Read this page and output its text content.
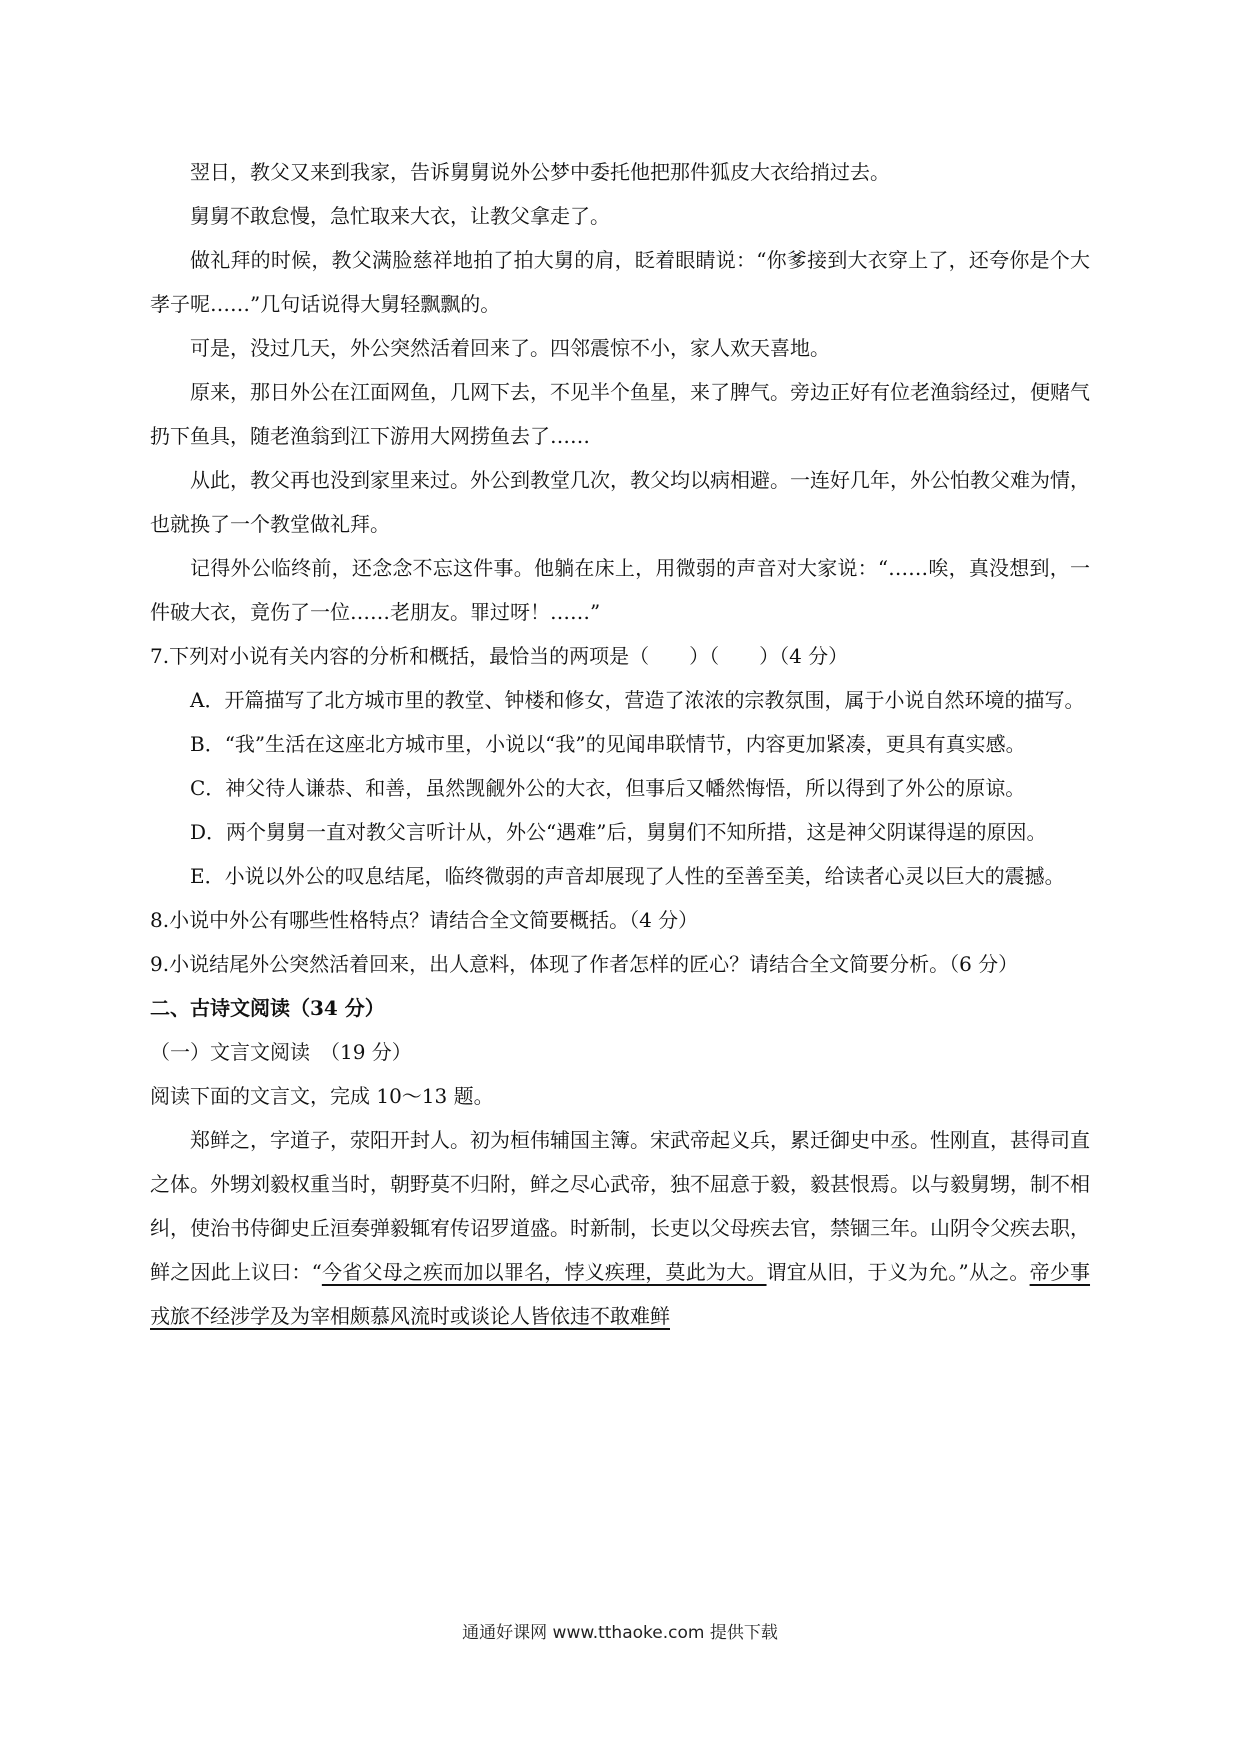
翌日，教父又来到我家，告诉舅舅说外公梦中委托他把那件狐皮大衣给捎过去。

舅舅不敢怠慢，急忙取来大衣，让教父拿走了。

做礼拜的时候，教父满脸慈祥地拍了拍大舅的肩，眨着眼睛说：“你爹接到大衣穿上了，还夸你是个大孝子呢……”几句话说得大舅轻飘飘的。

可是，没过几天，外公突然活着回来了。四邻震惊不小，家人欢天喜地。

原来，那日外公在江面网鱼，几网下去，不见半个鱼星，来了脾气。旁边正好有位老渔翁经过，便赌气扔下鱼具，随老渔翁到江下游用大网捞鱼去了……

从此，教父再也没到家里来过。外公到教堂几次，教父均以病相避。一连好几年，外公怕教父难为情，也就换了一个教堂做礼拜。

记得外公临终前，还念念不忘这件事。他躺在床上，用微弱的声音对大家说：“……唉，真没想到，一件破大衣，竟伤了一位……老朋友。罪过呀！……”

7.下列对小说有关内容的分析和概括，最恰当的两项是（　　）（　　）（4 分）

A．开篇描写了北方城市里的教堂、钟楼和修女，营造了浓浓的宗教氛围，属于小说自然环境的描写。

B．“我”生活在这座北方城市里，小说以“我”的见闻串联情节，内容更加紧凑，更具有真实感。

C．神父待人谦恭、和善，虽然觊觎外公的大衣，但事后又幡然悔悟，所以得到了外公的原谅。

D．两个舅舅一直对教父言听计从，外公“遇难”后，舅舅们不知所措，这是神父阴谋得逞的原因。

E．小说以外公的叹息结尾，临终微弱的声音却展现了人性的至善至美，给读者心灵以巨大的震撼。

8.小说中外公有哪些性格特点？请结合全文简要概括。（4 分）

9.小说结尾外公突然活着回来，出人意料，体现了作者怎样的匠心？请结合全文简要分析。（6 分）

二、古诗文阅读（34 分）

（一）文言文阅读　（19 分）

阅读下面的文言文，完成 10～13 题。

郑鲜之，字道子，荥阳开封人。初为桓伟辅国主簿。宋武帝起义兵，累迁御史中丞。性刚直，甚得司直之体。外甥刘毅权重当时，朝野莫不归附，鲜之尽心武帝，独不屈意于毅，毅甚恨焉。以与毅舅甥，制不相纠，使治书侍御史丘洹奏弹毅辄宥传诏罗道盛。时新制，长吏以父母疾去官，禁锢三年。山阴令父疾去职，鲜之因此上议曰：“今省父母之疾而加以罪名，悖义疾理，莫此为大。谓宜从旧，于义为允。”从之。帝少事戎旅不经涉学及为宰相颇慕风流时或谈论人皆依违不敢难鲜

通通好课网 www.tthaoke.com 提供下载
